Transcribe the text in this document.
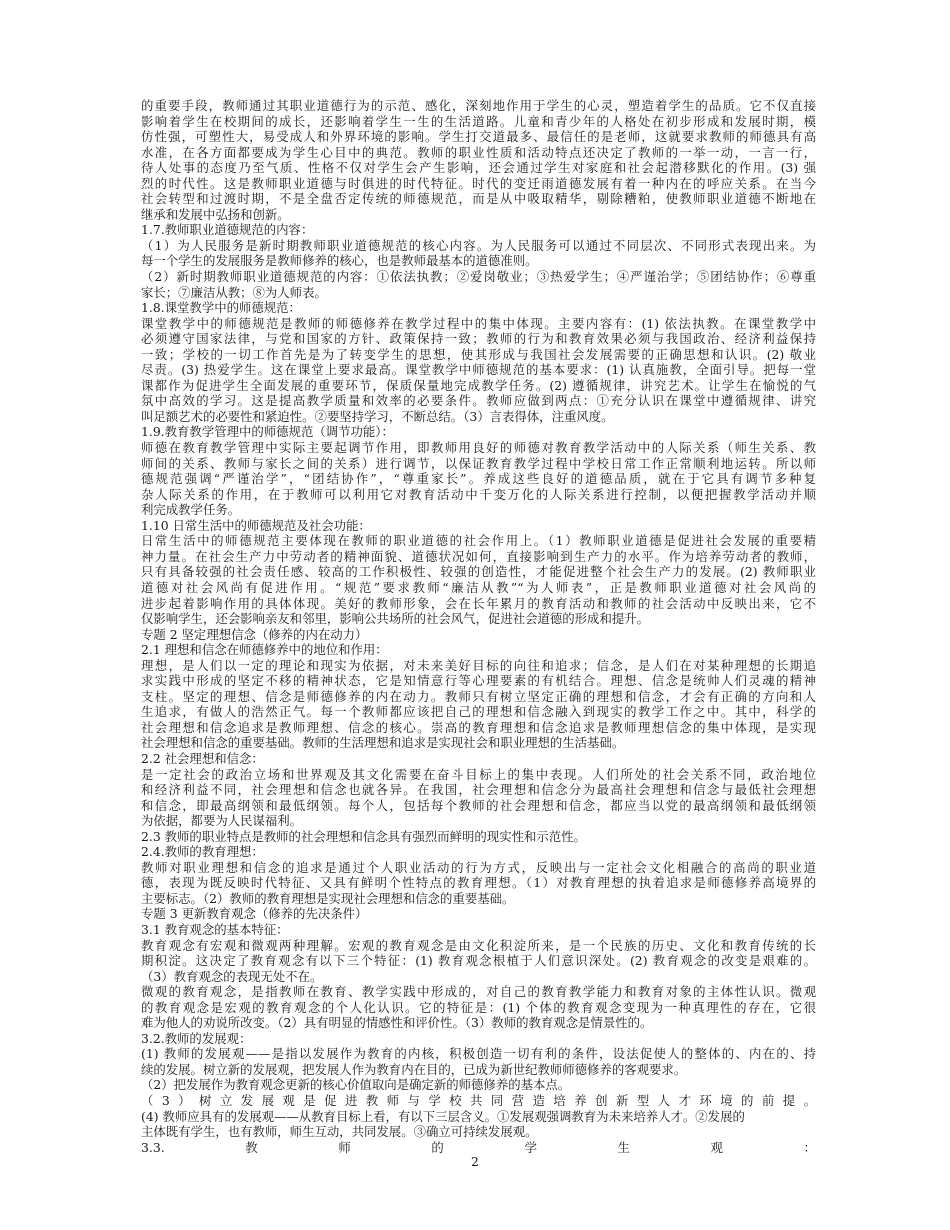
的重要手段，教师通过其职业道德行为的示范、感化，深刻地作用于学生的心灵，塑造着学生的品质。它不仅直接
影响着学生在校期间的成长，还影响着学生一生的生活道路。儿童和青少年的人格处在初步形成和发展时期，模
仿性强，可塑性大，易受成人和外界环境的影响。学生打交道最多、最信任的是老师，这就要求教师的师德具有高
水准，在各方面都要成为学生心目中的典范。教师的职业性质和活动特点还决定了教师的一举一动，一言一行，
待人处事的态度乃至气质、性格不仅对学生会产生影响，还会通过学生对家庭和社会起潜移默化的作用。(3) 强
烈的时代性。这是教师职业道德与时俱进的时代特征。时代的变迁雨道德发展有着一种内在的呼应关系。在当今
社会转型和过渡时期，不是全盘否定传统的师德规范，而是从中吸取精华，剔除糟粕，使教师职业道德不断地在
继承和发展中弘扬和创新。
1.7.教师职业道德规范的内容：
（1）为人民服务是新时期教师职业道德规范的核心内容。为人民服务可以通过不同层次、不同形式表现出来。为
每一个学生的发展服务是教师修养的核心，也是教师最基本的道德准则。
（2）新时期教师职业道德规范的内容：①依法执教；②爱岗敬业；③热爱学生；④严谨治学；⑤团结协作；⑥尊重
家长；⑦廉洁从教；⑧为人师表。
1.8.课堂教学中的师德规范：
课堂教学中的师德规范是教师的师德修养在教学过程中的集中体现。主要内容有：(1) 依法执教。在课堂教学中
必须遵守国家法律，与党和国家的方针、政策保持一致；教师的行为和教育效果必须与我国政治、经济利益保持
一致；学校的一切工作首先是为了转变学生的思想，使其形成与我国社会发展需要的正确思想和认识。(2) 敬业
尽责。(3) 热爱学生。这在课堂上要求最高。课堂教学中师德规范的基本要求：(1) 认真施教，全面引导。把每一堂
课都作为促进学生全面发展的重要环节，保质保量地完成教学任务。(2) 遵循规律，讲究艺术。让学生在愉悦的气
氛中高效的学习。这是提高教学质量和效率的必要条件。教师应做到两点：①充分认识在课堂中遵循规律、讲究
叫足额艺术的必要性和紧迫性。②要坚持学习，不断总结。（3）言表得体，注重风度。
1.9.教育教学管理中的师德规范（调节功能）：
师德在教育教学管理中实际主要起调节作用，即教师用良好的师德对教育教学活动中的人际关系（师生关系、教
师间的关系、教师与家长之间的关系）进行调节，以保证教育教学过程中学校日常工作正常顺利地运转。所以师
德规范强调“严谨治学”，“团结协作”，“尊重家长”。养成这些良好的道德品质，就在于它具有调节多种复
杂人际关系的作用，在于教师可以利用它对教育活动中千变万化的人际关系进行控制，以便把握教学活动并顺
利完成教学任务。
1.10 日常生活中的师德规范及社会功能：
日常生活中的师德规范主要体现在教师的职业道德的社会作用上。（1）教师职业道德是促进社会发展的重要精
神力量。在社会生产力中劳动者的精神面貌、道德状况如何，直接影响到生产力的水平。作为培养劳动者的教师，
只有具备较强的社会责任感、较高的工作积极性、较强的创造性，才能促进整个社会生产力的发展。(2) 教师职业
道德对社会风尚有促进作用。“规范”要求教师“廉洁从教”“为人师表”，正是教师职业道德对社会风尚的
进步起着影响作用的具体体现。美好的教师形象，会在长年累月的教育活动和教师的社会活动中反映出来，它不
仅影响学生，还会影响亲友和邻里，影响公共场所的社会风气，促进社会道德的形成和提升。
专题 2 坚定理想信念（修养的内在动力）
2.1 理想和信念在师德修养中的地位和作用：
理想，是人们以一定的理论和现实为依据，对未来美好目标的向往和追求；信念，是人们在对某种理想的长期追
求实践中形成的坚定不移的精神状态，它是知情意行等心理要素的有机结合。理想、信念是统帅人们灵魂的精神
支柱。坚定的理想、信念是师德修养的内在动力。教师只有树立坚定正确的理想和信念，才会有正确的方向和人
生追求，有做人的浩然正气。每一个教师都应该把自己的理想和信念融入到现实的教学工作之中。其中，科学的
社会理想和信念追求是教师理想、信念的核心。崇高的教育理想和信念追求是教师理想信念的集中体现，是实现
社会理想和信念的重要基础。教师的生活理想和追求是实现社会和职业理想的生活基础。
2.2 社会理想和信念：
是一定社会的政治立场和世界观及其文化需要在奋斗目标上的集中表现。人们所处的社会关系不同，政治地位
和经济利益不同，社会理想和信念也就各异。在我国，社会理想和信念分为最高社会理想和信念与最低社会理想
和信念，即最高纲领和最低纲领。每个人，包括每个教师的社会理想和信念，都应当以党的最高纲领和最低纲领
为依据，都要为人民谋福利。
2.3 教师的职业特点是教师的社会理想和信念具有强烈而鲜明的现实性和示范性。
2.4.教师的教育理想：
教师对职业理想和信念的追求是通过个人职业活动的行为方式，反映出与一定社会文化相融合的高尚的职业道
德，表现为既反映时代特征、又具有鲜明个性特点的教育理想。（1）对教育理想的执着追求是师德修养高境界的
主要标志。（2）教师的教育理想是实现社会理想和信念的重要基础。
专题 3 更新教育观念（修养的先决条件）
3.1 教育观念的基本特征：
教育观念有宏观和微观两种理解。宏观的教育观念是由文化积淀所来，是一个民族的历史、文化和教育传统的长
期积淀。这决定了教育观念有以下三个特征：(1) 教育观念根植于人们意识深处。(2) 教育观念的改变是艰难的。
（3）教育观念的表现无处不在。
微观的教育观念，是指教师在教育、教学实践中形成的，对自己的教育教学能力和教育对象的主体性认识。微观
的教育观念是宏观的教育观念的个人化认识。它的特征是：(1) 个体的教育观念变现为一种真理性的存在，它很
难为他人的劝说所改变。（2）具有明显的情感性和评价性。（3）教师的教育观念是情景性的。
3.2.教师的发展观：
(1) 教师的发展观——是指以发展作为教育的内核，积极创造一切有利的条件，设法促使人的整体的、内在的、持
续的发展。树立新的发展观，把发展人作为教育内在目的，已成为新世纪教师师德修养的客观要求。
（2）把发展作为教育观念更新的核心价值取向是确定新的师德修养的基本点。
（3）树立发展观是促进教师与学校共同营造培养创新型人才环境的前提。
(4) 教师应具有的发展观——从教育目标上看，有以下三层含义。①发展观强调教育为未来培养人才。②发展的
主体既有学生，也有教师，师生互动，共同发展。③确立可持续发展观。
3.3.教师的学生观：
2
